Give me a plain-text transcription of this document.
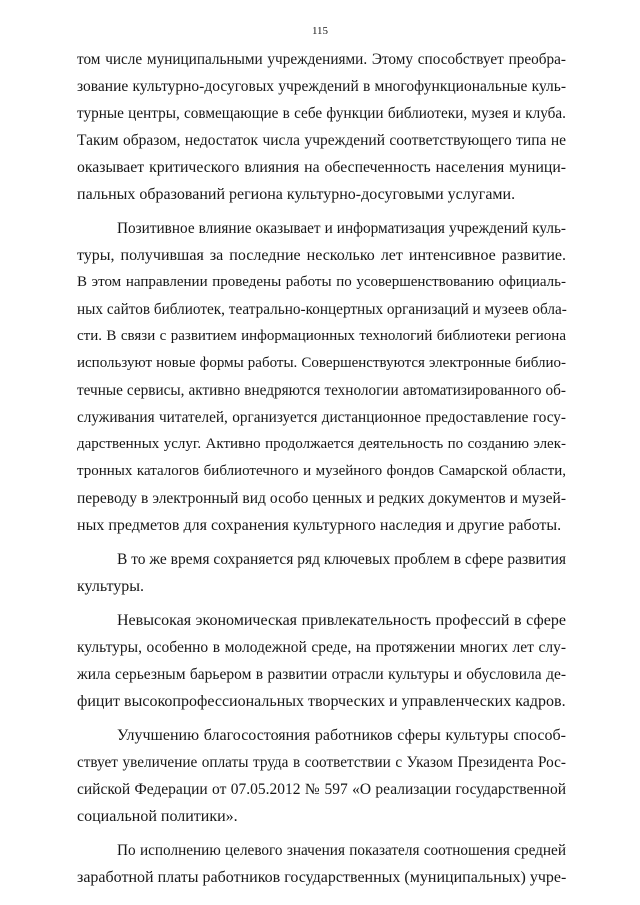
115
том числе муниципальными учреждениями. Этому способствует преобра-
зование культурно-досуговых учреждений в многофункциональные куль-
турные центры, совмещающие в себе функции библиотеки, музея и клуба.
Таким образом, недостаток числа учреждений соответствующего типа не
оказывает критического влияния на обеспеченность населения муници-
пальных образований региона культурно-досуговыми услугами.
Позитивное влияние оказывает и информатизация учреждений куль-
туры, получившая за последние несколько лет интенсивное развитие.
В этом направлении проведены работы по усовершенствованию официаль-
ных сайтов библиотек, театрально-концертных организаций и музеев обла-
сти. В связи с развитием информационных технологий библиотеки региона
используют новые формы работы. Совершенствуются электронные библио-
течные сервисы, активно внедряются технологии автоматизированного об-
служивания читателей, организуется дистанционное предоставление госу-
дарственных услуг. Активно продолжается деятельность по созданию элек-
тронных каталогов библиотечного и музейного фондов Самарской области,
переводу в электронный вид особо ценных и редких документов и музей-
ных предметов для сохранения культурного наследия и другие работы.
В то же время сохраняется ряд ключевых проблем в сфере развития
культуры.
Невысокая экономическая привлекательность профессий в сфере
культуры, особенно в молодежной среде, на протяжении многих лет слу-
жила серьезным барьером в развитии отрасли культуры и обусловила де-
фицит высокопрофессиональных творческих и управленческих кадров.
Улучшению благосостояния работников сферы культуры способ-
ствует увеличение оплаты труда в соответствии с Указом Президента Рос-
сийской Федерации от 07.05.2012 № 597 «О реализации государственной
социальной политики».
По исполнению целевого значения показателя соотношения средней
заработной платы работников государственных (муниципальных) учре-
